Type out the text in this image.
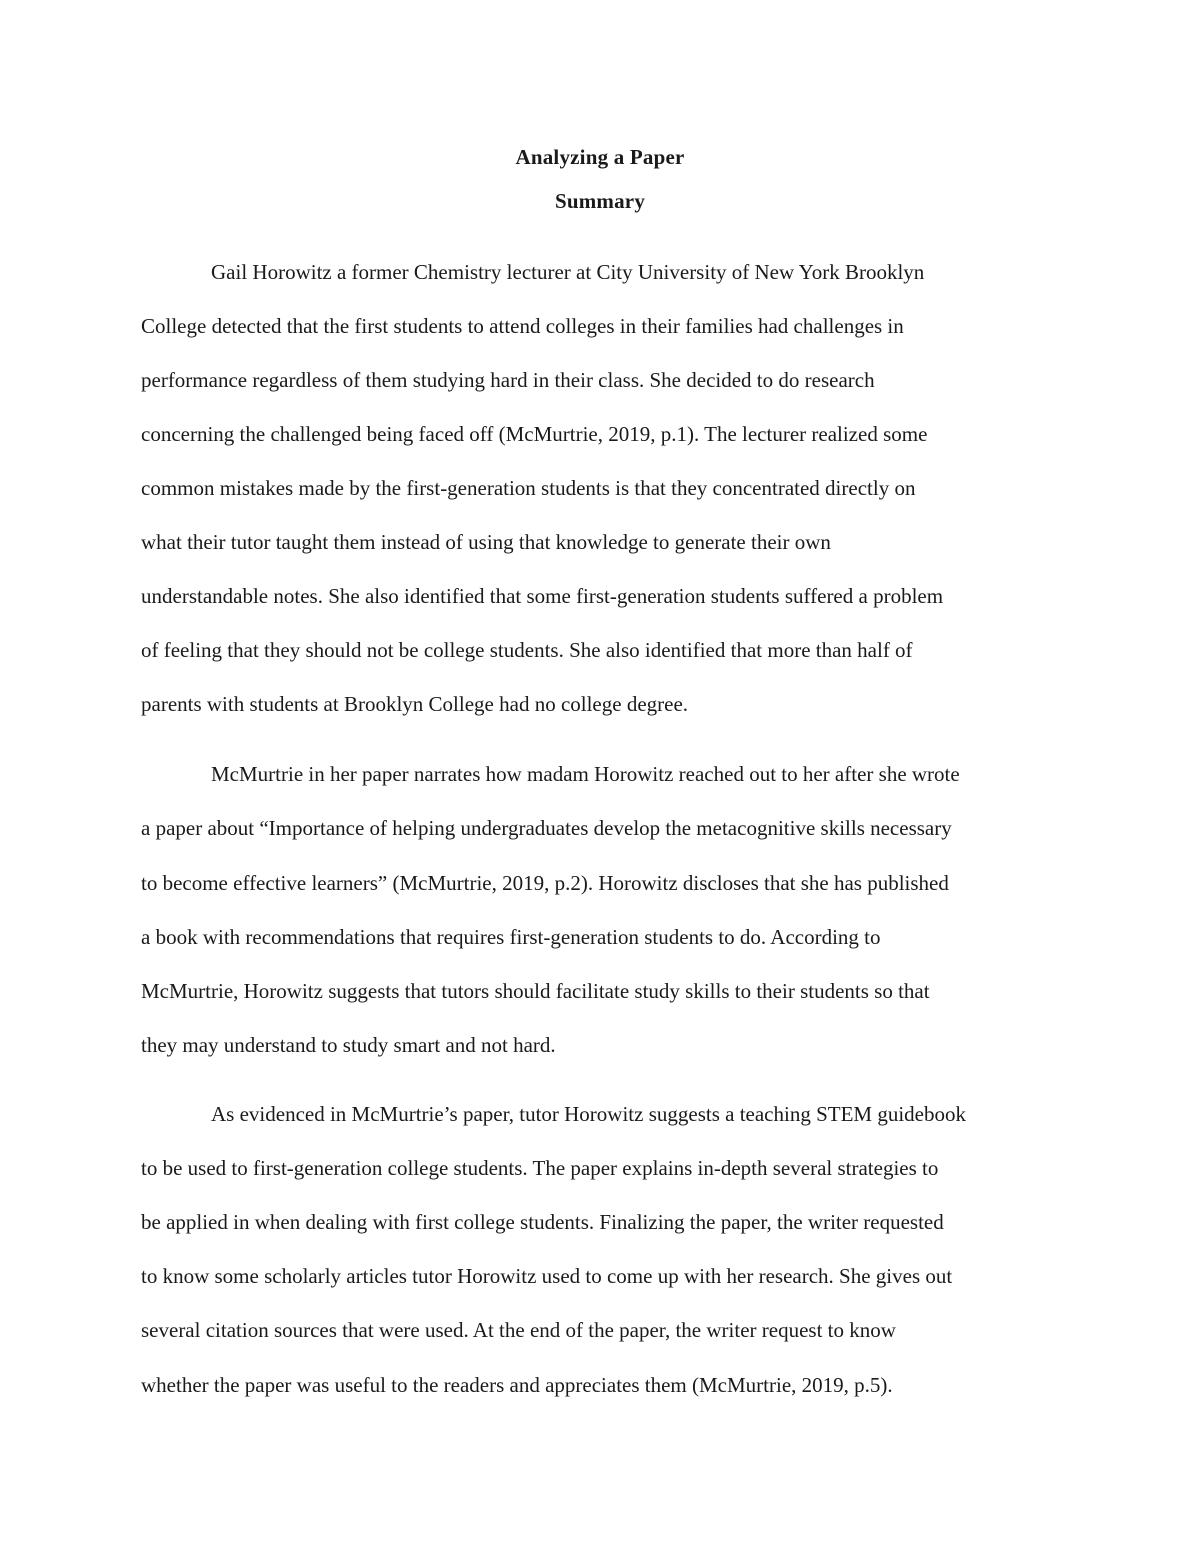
Analyzing a Paper
Summary
Gail Horowitz a former Chemistry lecturer at City University of New York Brooklyn
College detected that the first students to attend colleges in their families had challenges in
performance regardless of them studying hard in their class. She decided to do research
concerning the challenged being faced off (McMurtrie, 2019, p.1). The lecturer realized some
common mistakes made by the first-generation students is that they concentrated directly on
what their tutor taught them instead of using that knowledge to generate their own
understandable notes. She also identified that some first-generation students suffered a problem
of feeling that they should not be college students. She also identified that more than half of
parents with students at Brooklyn College had no college degree.
McMurtrie in her paper narrates how madam Horowitz reached out to her after she wrote
a paper about “Importance of helping undergraduates develop the metacognitive skills necessary
to become effective learners” (McMurtrie, 2019, p.2). Horowitz discloses that she has published
a book with recommendations that requires first-generation students to do. According to
McMurtrie, Horowitz suggests that tutors should facilitate study skills to their students so that
they may understand to study smart and not hard.
As evidenced in McMurtrie’s paper, tutor Horowitz suggests a teaching STEM guidebook
to be used to first-generation college students. The paper explains in-depth several strategies to
be applied in when dealing with first college students. Finalizing the paper, the writer requested
to know some scholarly articles tutor Horowitz used to come up with her research. She gives out
several citation sources that were used. At the end of the paper, the writer request to know
whether the paper was useful to the readers and appreciates them (McMurtrie, 2019, p.5).
